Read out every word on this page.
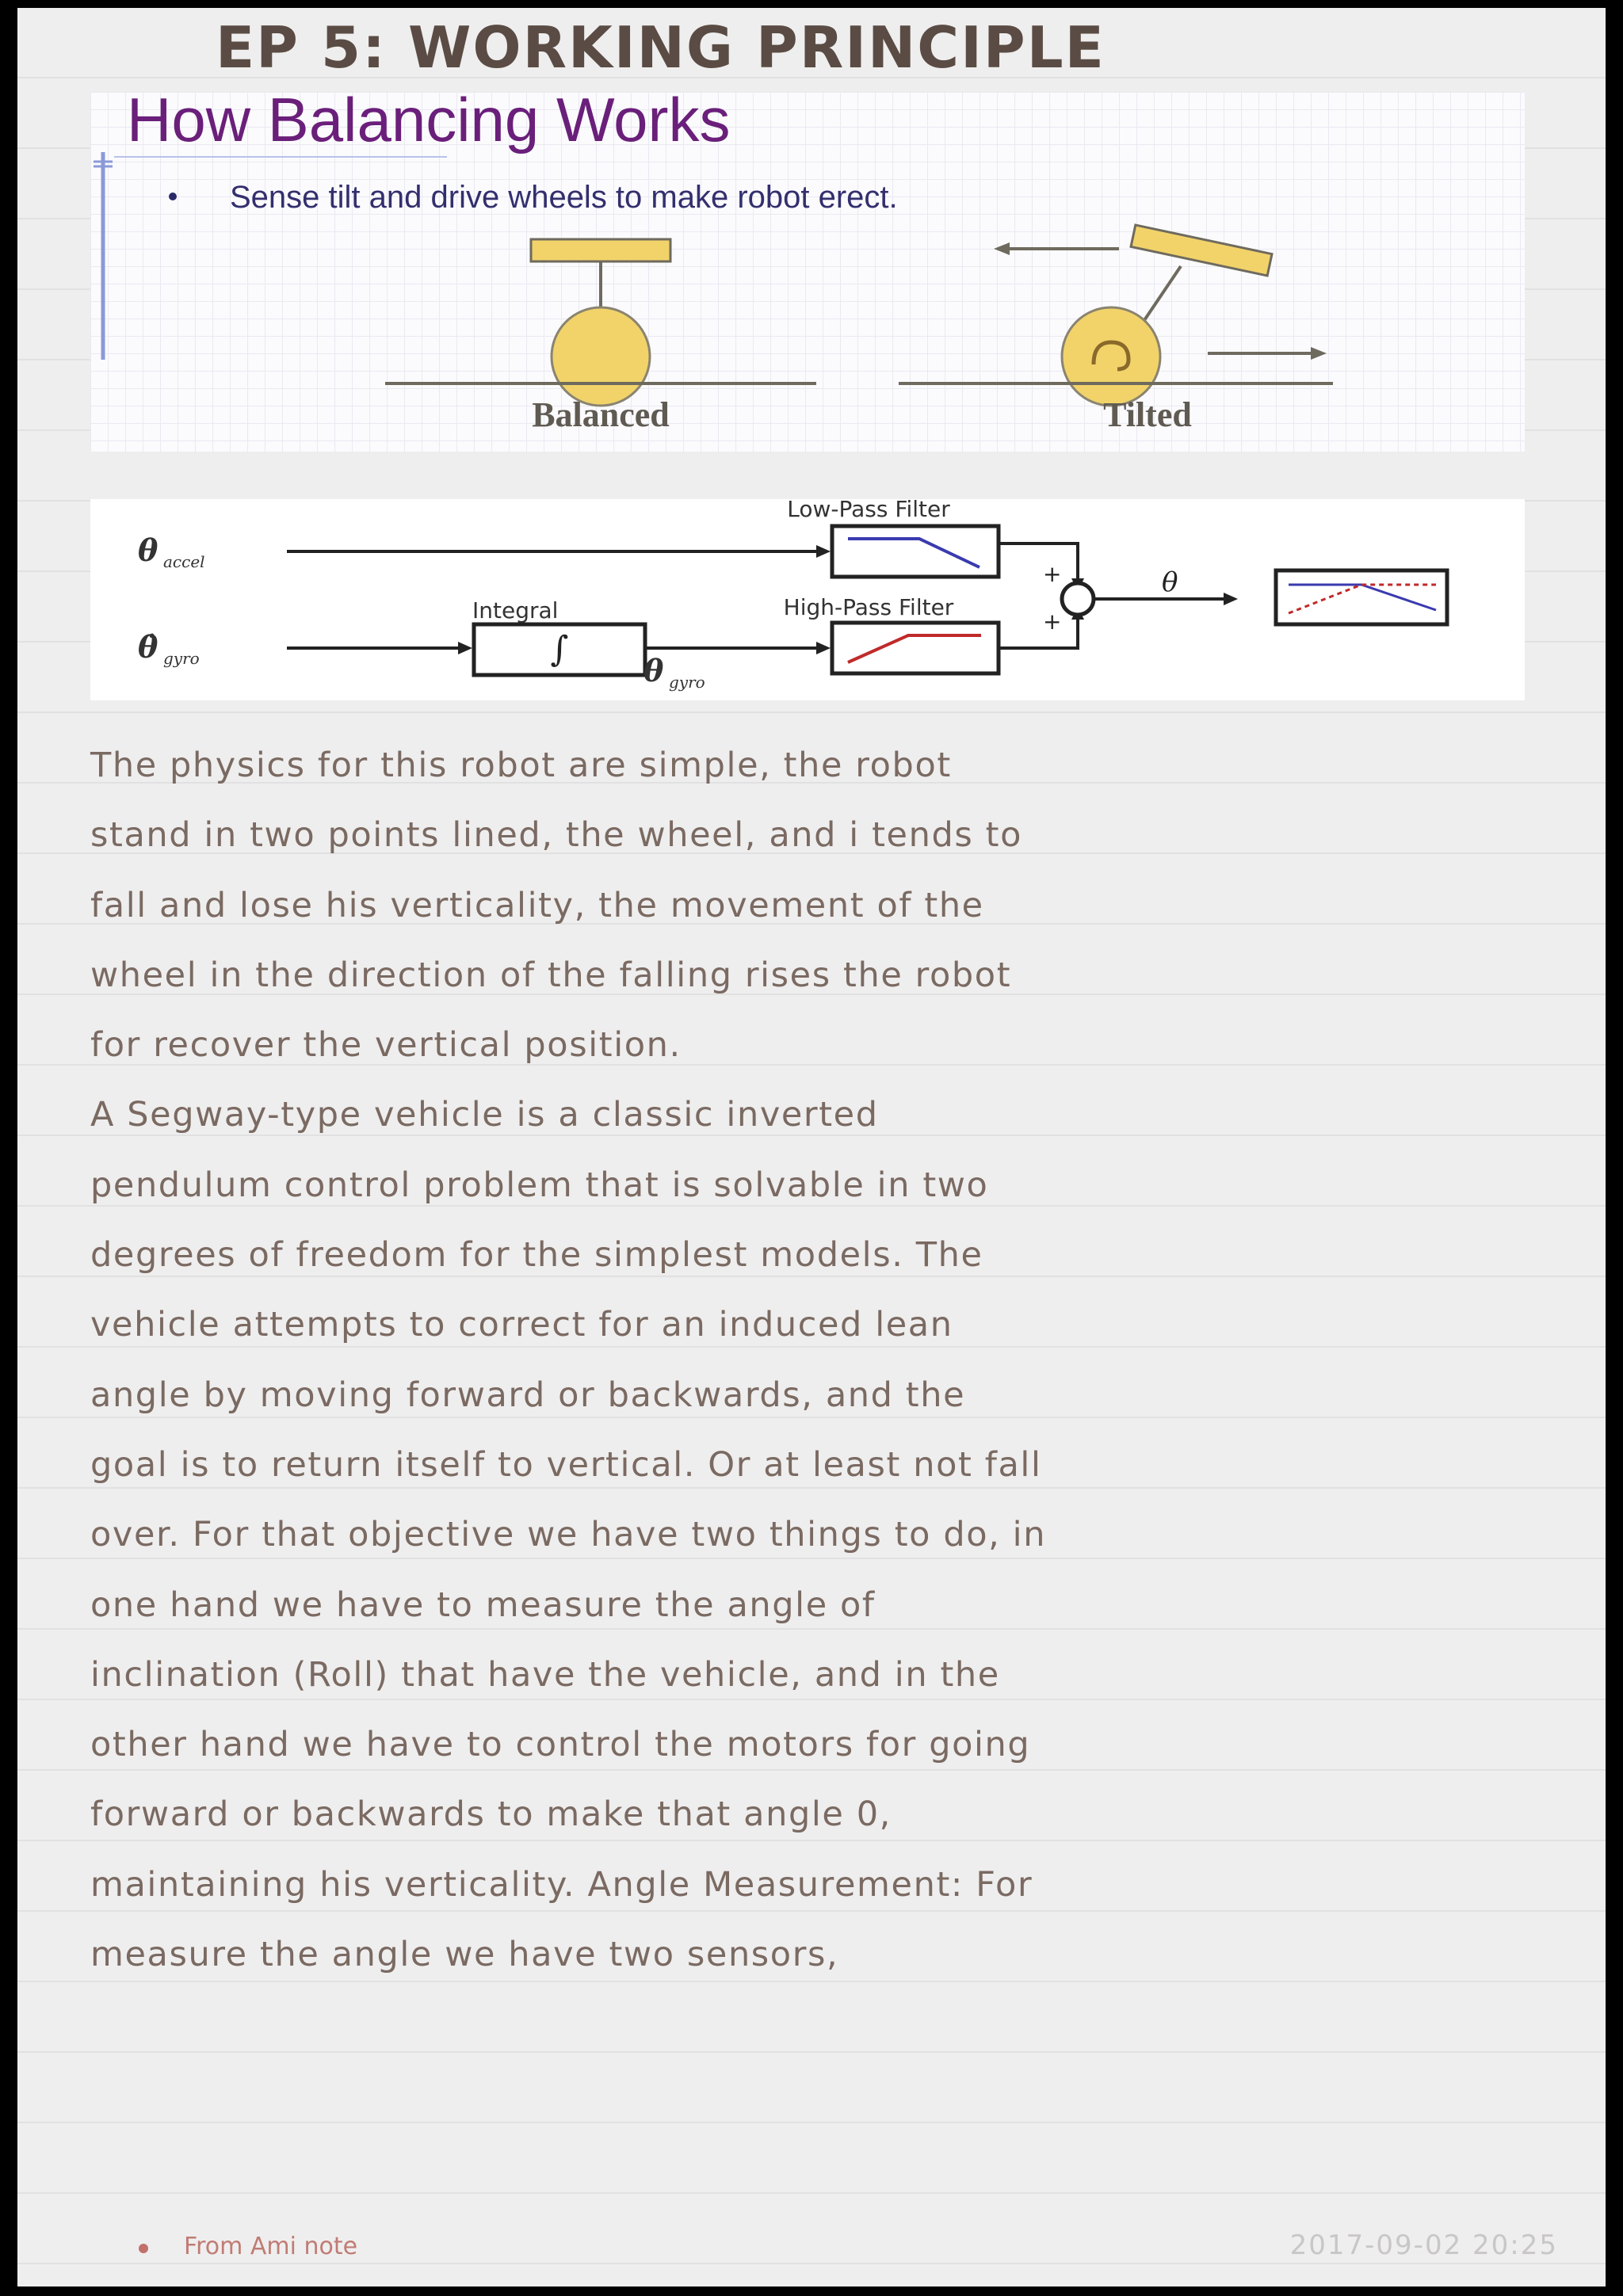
EP 5: WORKING PRINCIPLE
How Balancing Works
Sense tilt and drive wheels to make robot erect.
Balanced	Tilted
θ accel
θ̇ gyro
Low-Pass Filter
Integral
∫
θ gyro
High-Pass Filter
+
+
θ

The physics for this robot are simple, the robot
stand in two points lined, the wheel, and i tends to
fall and lose his verticality, the movement of the
wheel in the direction of the falling rises the robot
for recover the vertical position.
A Segway-type vehicle is a classic inverted
pendulum control problem that is solvable in two
degrees of freedom for the simplest models. The
vehicle attempts to correct for an induced lean
angle by moving forward or backwards, and the
goal is to return itself to vertical. Or at least not fall
over. For that objective we have two things to do, in
one hand we have to measure the angle of
inclination (Roll) that have the vehicle, and in the
other hand we have to control the motors for going
forward or backwards to make that angle 0,
maintaining his verticality. Angle Measurement: For
measure the angle we have two sensors,

From Ami note	2017-09-02 20:25
